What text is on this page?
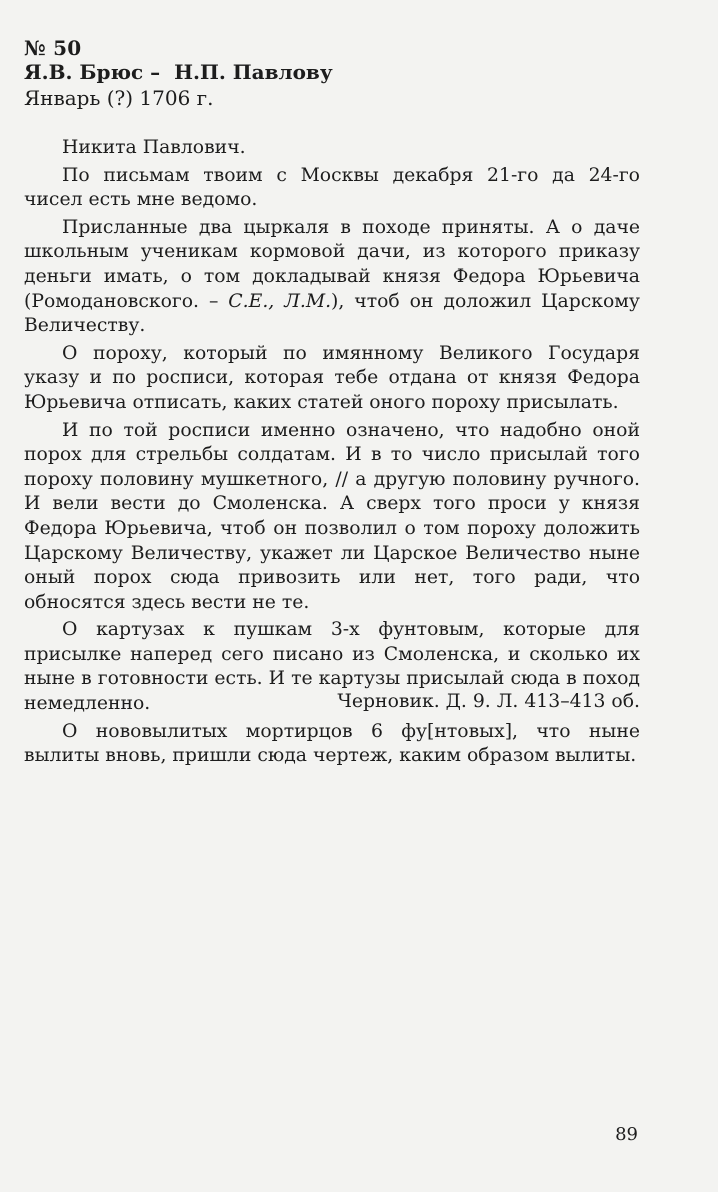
№ 50
Я.В. Брюс –  Н.П. Павлову
Январь (?) 1706 г.

Никита Павлович.

По письмам твоим с Москвы декабря 21-го да 24-го чисел есть мне ведомо.

Присланные два цыркаля в походе приняты. А о даче школьным ученикам кормовой дачи, из которого приказу деньги имать, о том докладывай князя Федора Юрьевича (Ромодановского. – С.Е., Л.М.), чтоб он доложил Царскому Величеству.

О пороху, который по имянному Великого Государя указу и по росписи, которая тебе отдана от князя Федора Юрьевича отписать, каких статей оного пороху присылать.

И по той росписи именно означено, что надобно оной порох для стрельбы солдатам. И в то число присылай того пороху половину мушкетного, // а другую половину ручного. И вели вести до Смоленска. А сверх того проси у князя Федора Юрьевича, чтоб он позволил о том пороху доложить Царскому Величеству, укажет ли Царское Величество ныне оный порох сюда привозить или нет, того ради, что обносятся здесь вести не те.

О картузах к пушкам 3-х фунтовым, которые для присылке наперед сего писано из Смоленска, и сколько их ныне в готовности есть. И те картузы присылай сюда в поход немедленно.

О нововылитых мортирцов 6 фу[нтовых], что ныне вылиты вновь, пришли сюда чертеж, каким образом вылиты.

Черновик. Д. 9. Л. 413–413 об.
89
